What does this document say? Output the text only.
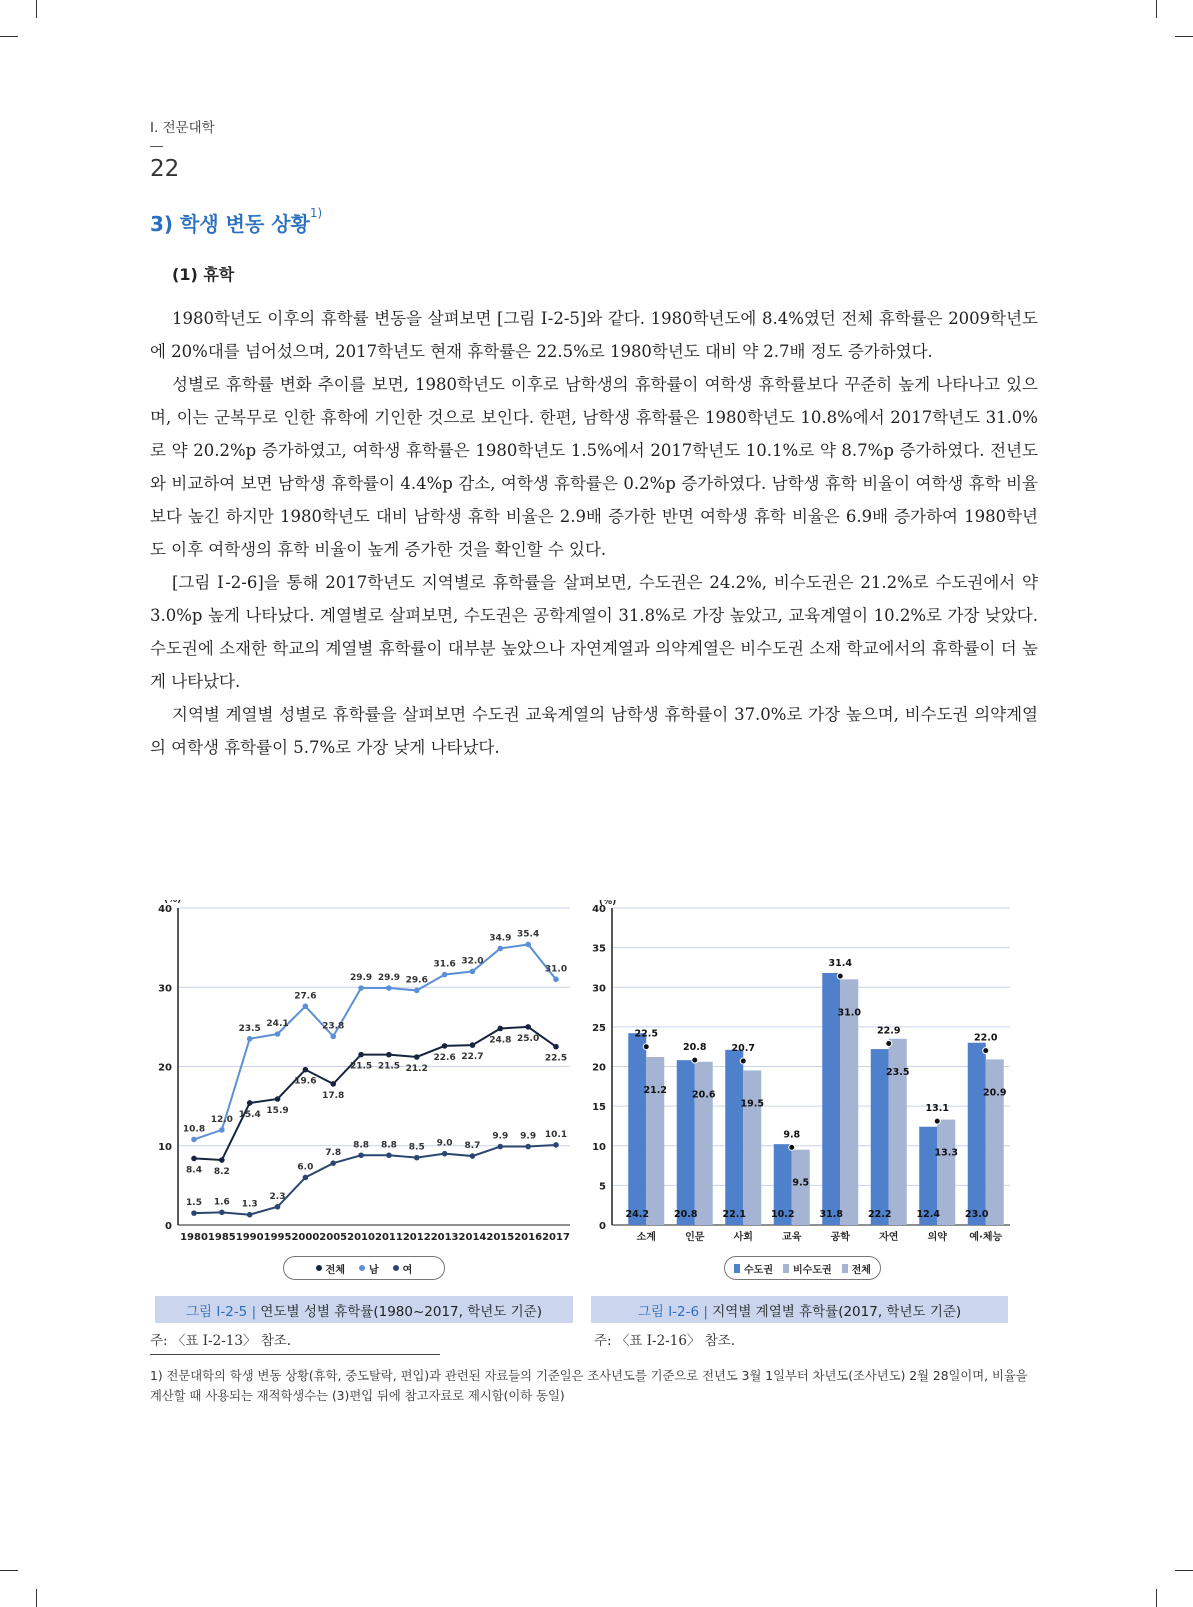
Ⅰ. 전문대학
22
3) 학생 변동 상황$^{1)}$
(1) 휴학

1980학년도 이후의 휴학률 변동을 살펴보면 [그림 Ⅰ-2-5]와 같다. 1980학년도에 8.4%였던 전체 휴학률은 2009학년도에 20%대를 넘어섰으며, 2017학년도 현재 휴학률은 22.5%로 1980학년도 대비 약 2.7배 정도 증가하였다.

성별로 휴학률 변화 추이를 보면, 1980학년도 이후로 남학생의 휴학률이 여학생 휴학률보다 꾸준히 높게 나타나고 있으며, 이는 군복무로 인한 휴학에 기인한 것으로 보인다. 한편, 남학생 휴학률은 1980학년도 10.8%에서 2017학년도 31.0%로 약 20.2%p 증가하였고, 여학생 휴학률은 1980학년도 1.5%에서 2017학년도 10.1%로 약 8.7%p 증가하였다. 전년도와 비교하여 보면 남학생 휴학률이 4.4%p 감소, 여학생 휴학률은 0.2%p 증가하였다. 남학생 휴학 비율이 여학생 휴학 비율보다 높긴 하지만 1980학년도 대비 남학생 휴학 비율은 2.9배 증가한 반면 여학생 휴학 비율은 6.9배 증가하여 1980학년도 이후 여학생의 휴학 비율이 높게 증가한 것을 확인할 수 있다.

[그림 Ⅰ-2-6]을 통해 2017학년도 지역별로 휴학률을 살펴보면, 수도권은 24.2%, 비수도권은 21.2%로 수도권에서 약 3.0%p 높게 나타났다. 계열별로 살펴보면, 수도권은 공학계열이 31.8%로 가장 높았고, 교육계열이 10.2%로 가장 낮았다. 수도권에 소재한 학교의 계열별 휴학률이 대부분 높았으나 자연계열과 의약계열은 비수도권 소재 학교에서의 휴학률이 더 높게 나타났다.

지역별 계열별 성별로 휴학률을 살펴보면 수도권 교육계열의 남학생 휴학률이 37.0%로 가장 높으며, 비수도권 의약계열의 여학생 휴학률이 5.7%로 가장 낮게 나타났다.

(%)
0
10
20
30
40
1980 1985 1990 1995 2000 2005 2010 2011 2012 2013 2014 2015 2016 2017
8.4 8.2
15.4 15.9
19.6
17.8
21.5 21.5 21.2
22.6 22.7
24.8 25.0
22.5
10.8
12.0
23.5 24.1
27.6
23.8
29.9 29.9 29.6
31.6 32.0
34.9 35.4
31.0
1.5 1.6 1.3
2.3
6.0
7.8
8.8 8.8 8.5 9.0 8.7
9.9 9.9 10.1
전체 남 여
그림 Ⅰ-2-5 |
연도별 성별 휴학률(1980~2017, 학년도 기준)
주: 〈표 Ⅰ-2-13〉 참조.
(%)
0
5
10
15
20
25
30
35
40
24.2
21.2
22.5
소계
20.8
20.6
20.8
인문
22.1
19.5
20.7
사회
10.2
9.5
9.8
교육
31.8
31.0
31.4
공학
22.2
23.5
22.9
자연
12.4
13.3
13.1
의약
23.0
20.9
22.0
예·체능
수도권 비수도권 전체
그림 Ⅰ-2-6 |
지역별 계열별 휴학률(2017, 학년도 기준)
주: 〈표 Ⅰ-2-16〉 참조.
1) 전문대학의 학생 변동 상황(휴학, 중도탈락, 편입)과 관련된 자료들의 기준일은 조사년도를 기준으로 전년도 3월 1일부터 차년도(조사년도) 2월 28일이며, 비율을 계산할 때 사용되는 재적학생수는 (3)편입 뒤에 참고자료로 제시함(이하 동일)
